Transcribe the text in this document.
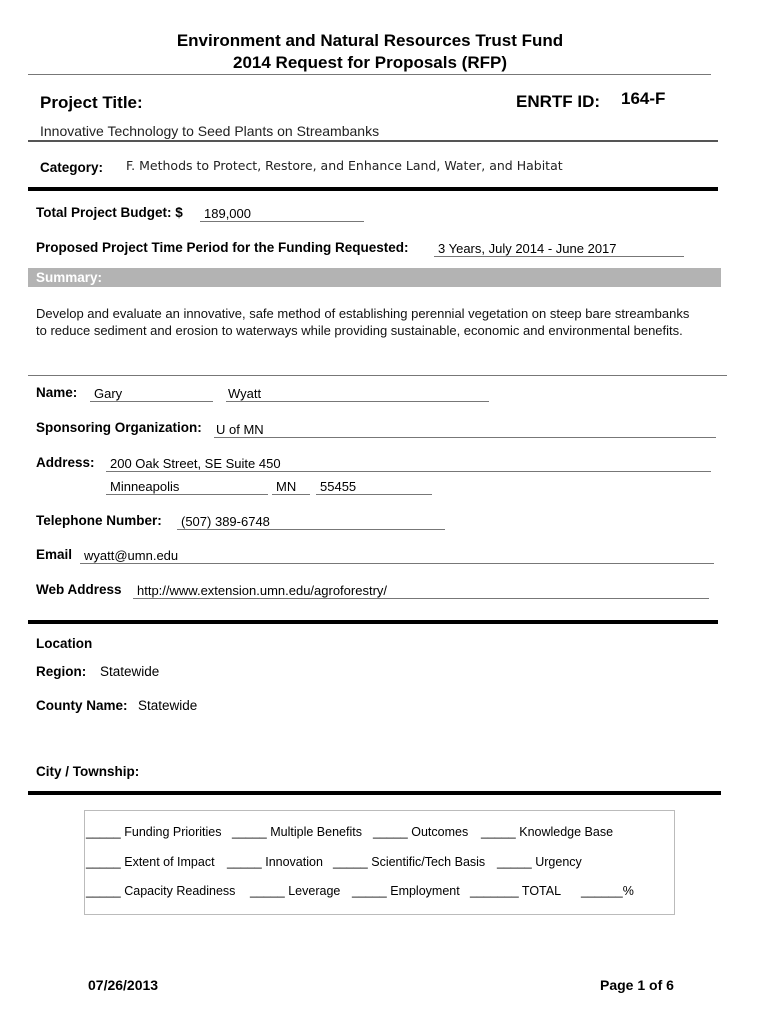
Environment and Natural Resources Trust Fund
2014 Request for Proposals (RFP)
Project Title:	ENRTF ID: 164-F
Innovative Technology to Seed Plants on Streambanks
Category: F. Methods to Protect, Restore, and Enhance Land, Water, and Habitat
Total Project Budget: $	189,000
Proposed Project Time Period for the Funding Requested:	3 Years, July 2014 - June 2017
Summary:
Develop and evaluate an innovative, safe method of establishing perennial vegetation on steep bare streambanks to reduce sediment and erosion to waterways while providing sustainable, economic and environmental benefits.
Name:	Gary	Wyatt
Sponsoring Organization: U of MN
Address:	200 Oak Street, SE Suite 450
Minneapolis	MN	55455
Telephone Number:	(507) 389-6748
Email wyatt@umn.edu
Web Address	http://www.extension.umn.edu/agroforestry/
Location
Region: Statewide
County Name: Statewide
City / Township:
_____ Funding Priorities _____ Multiple Benefits _____ Outcomes _____ Knowledge Base
_____ Extent of Impact _____ Innovation _____ Scientific/Tech Basis _____ Urgency
_____ Capacity Readiness _____ Leverage _____ Employment _______ TOTAL ______%
07/26/2013	Page 1 of 6
